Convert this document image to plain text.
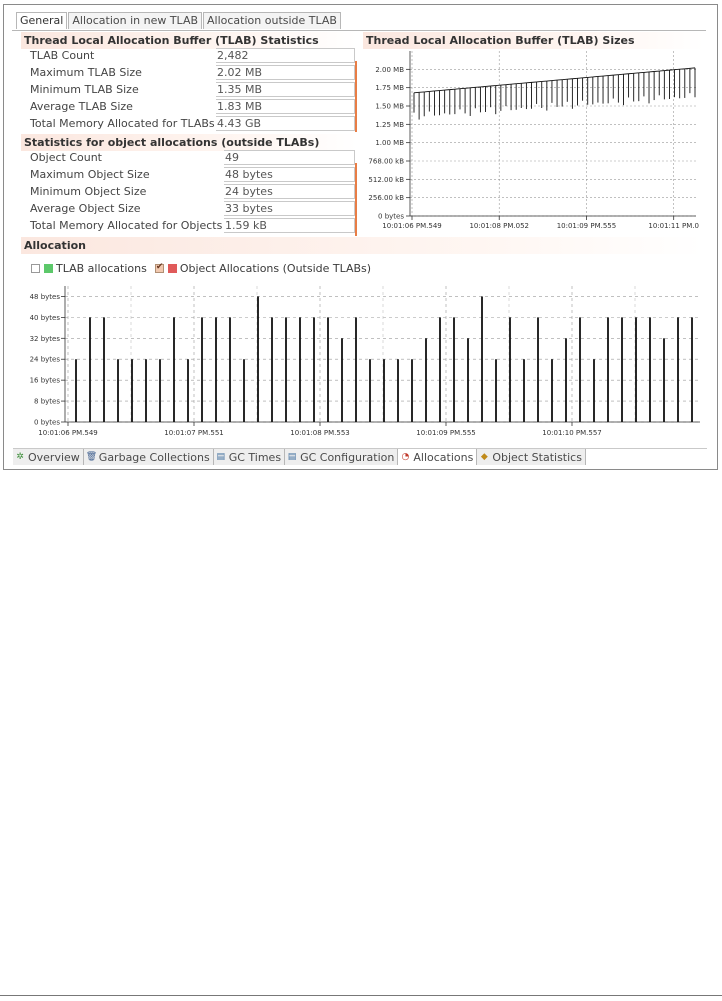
General Allocation in new TLAB Allocation outside TLAB
Thread Local Allocation Buffer (TLAB) Statistics
TLAB Count	2,482
Maximum TLAB Size	2.02 MB
Minimum TLAB Size	1.35 MB
Average TLAB Size	1.83 MB
Total Memory Allocated for TLABs 4.43 GB
Statistics for object allocations (outside TLABs)
Object Count	49
Maximum Object Size	48 bytes
Minimum Object Size	24 bytes
Average Object Size	33 bytes
Total Memory Allocated for Objects 1.59 kB
Thread Local Allocation Buffer (TLAB) Sizes
0 bytes
256.00 kB
512.00 kB
768.00 kB
1.00 MB
1.25 MB
1.50 MB
1.75 MB
2.00 MB
10:01:06 PM.549	10:01:08 PM.052	10:01:09 PM.555	10:01:11 PM.0
Allocation
TLAB allocations
✔	Object Allocations (Outside TLABs)
0 bytes
8 bytes
16 bytes
24 bytes
32 bytes
40 bytes
48 bytes
10:01:06 PM.549	10:01:07 PM.551	10:01:08 PM.553	10:01:09 PM.555	10:01:10 PM.557
✲ Overview 🗑 Garbage Collections ▤ GC Times ▤ GC Configuration ◔ Allocations ◆ Object Statistics
